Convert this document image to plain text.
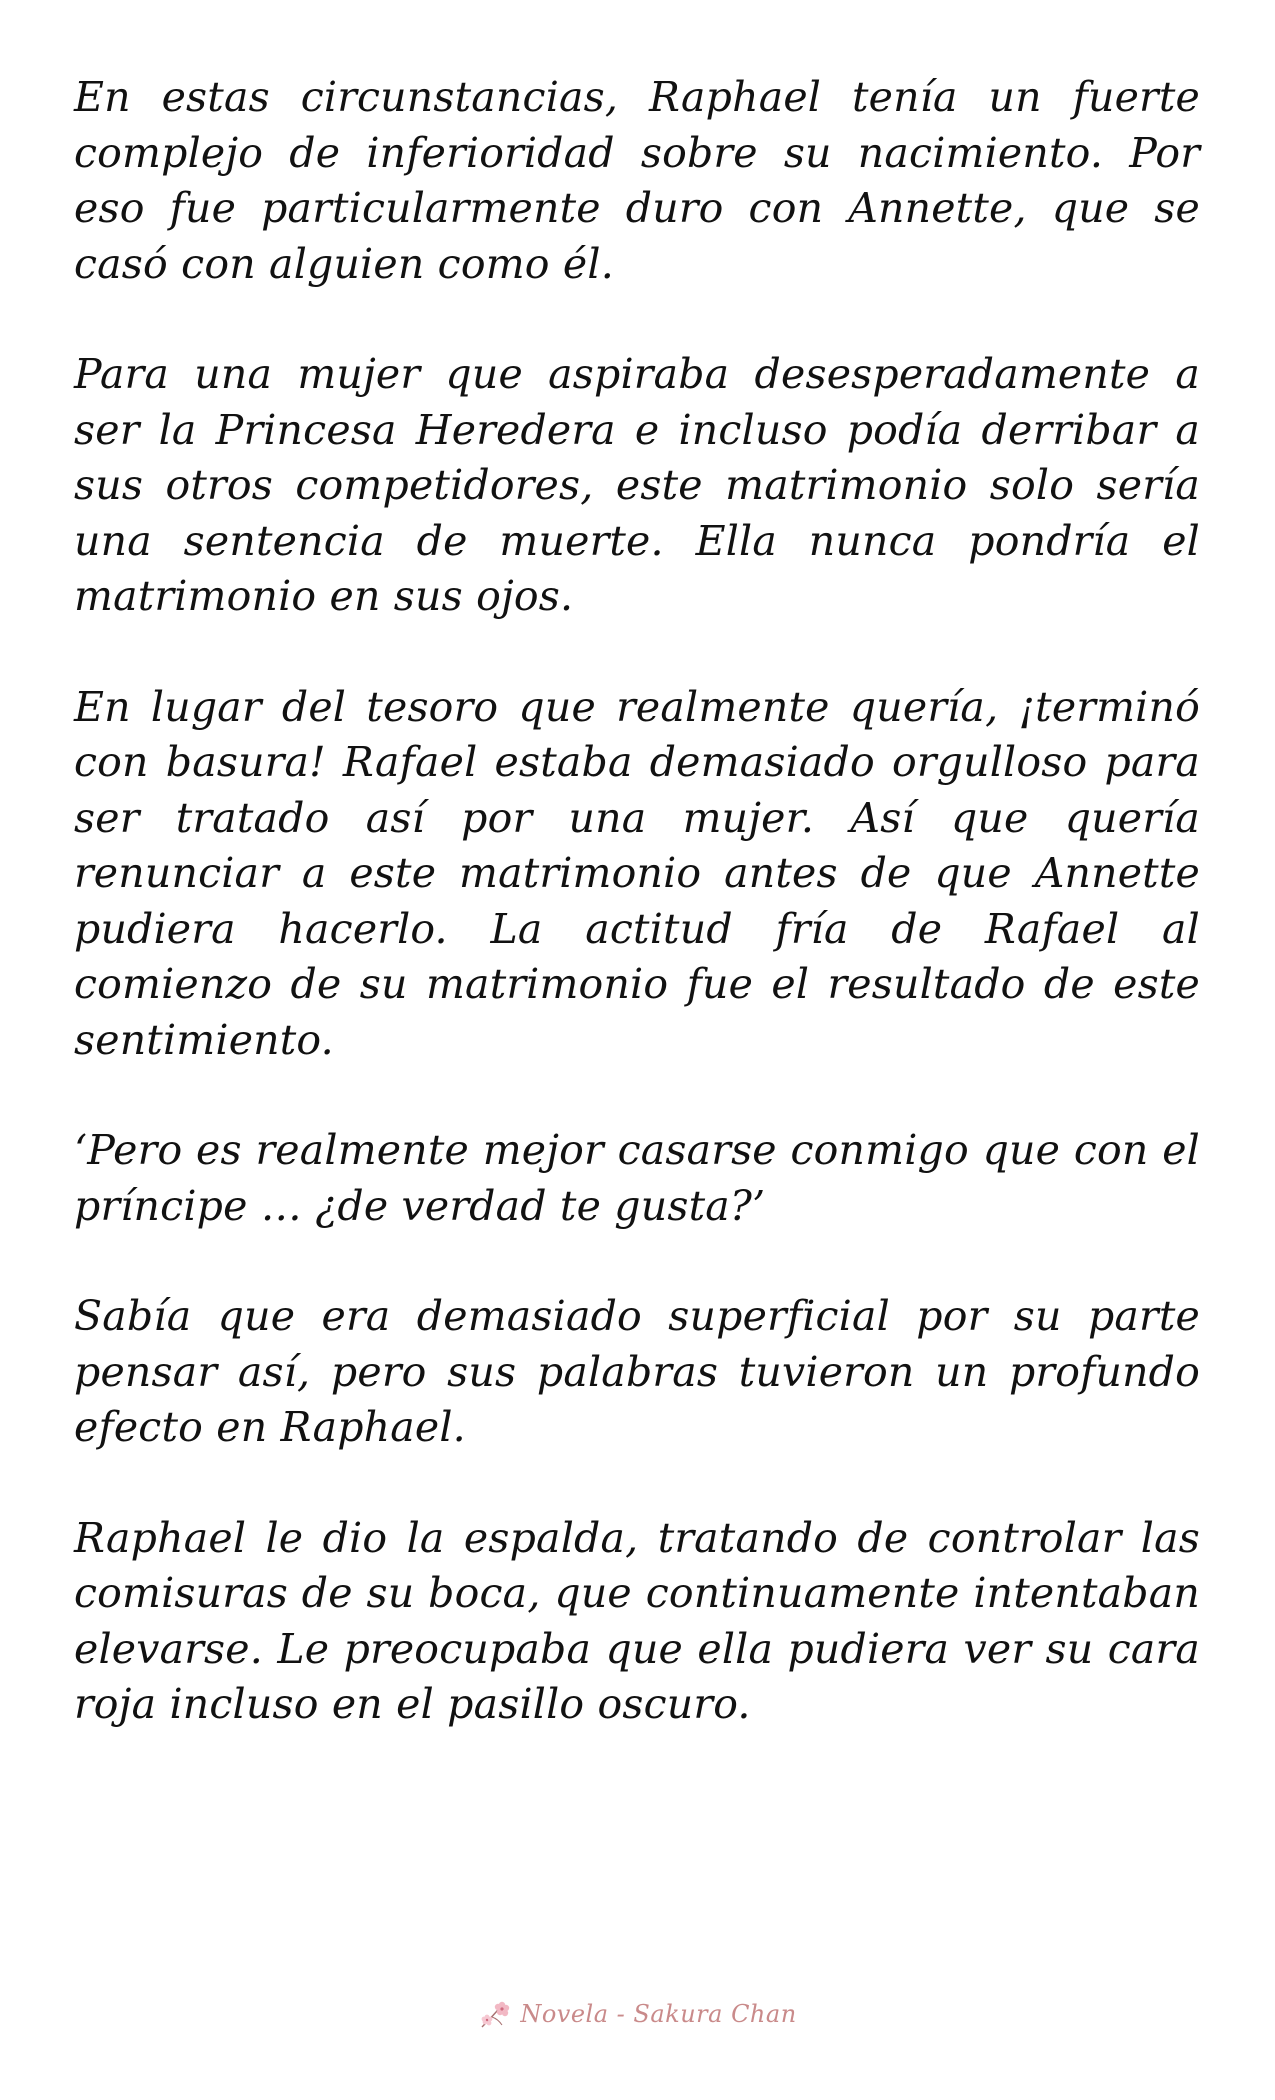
En estas circunstancias, Raphael tenía un fuerte complejo de inferioridad sobre su nacimiento. Por eso fue particularmente duro con Annette, que se casó con alguien como él.

Para una mujer que aspiraba desesperadamente a ser la Princesa Heredera e incluso podía derribar a sus otros competidores, este matrimonio solo sería una sentencia de muerte. Ella nunca pondría el matrimonio en sus ojos.

En lugar del tesoro que realmente quería, ¡terminó con basura! Rafael estaba demasiado orgulloso para ser tratado así por una mujer. Así que quería renunciar a este matrimonio antes de que Annette pudiera hacerlo. La actitud fría de Rafael al comienzo de su matrimonio fue el resultado de este sentimiento.

‘Pero es realmente mejor casarse conmigo que con el príncipe … ¿de verdad te gusta?’

Sabía que era demasiado superficial por su parte pensar así, pero sus palabras tuvieron un profundo efecto en Raphael.

Raphael le dio la espalda, tratando de controlar las comisuras de su boca, que continuamente intentaban elevarse. Le preocupaba que ella pudiera ver su cara roja incluso en el pasillo oscuro.

Novela - Sakura Chan
